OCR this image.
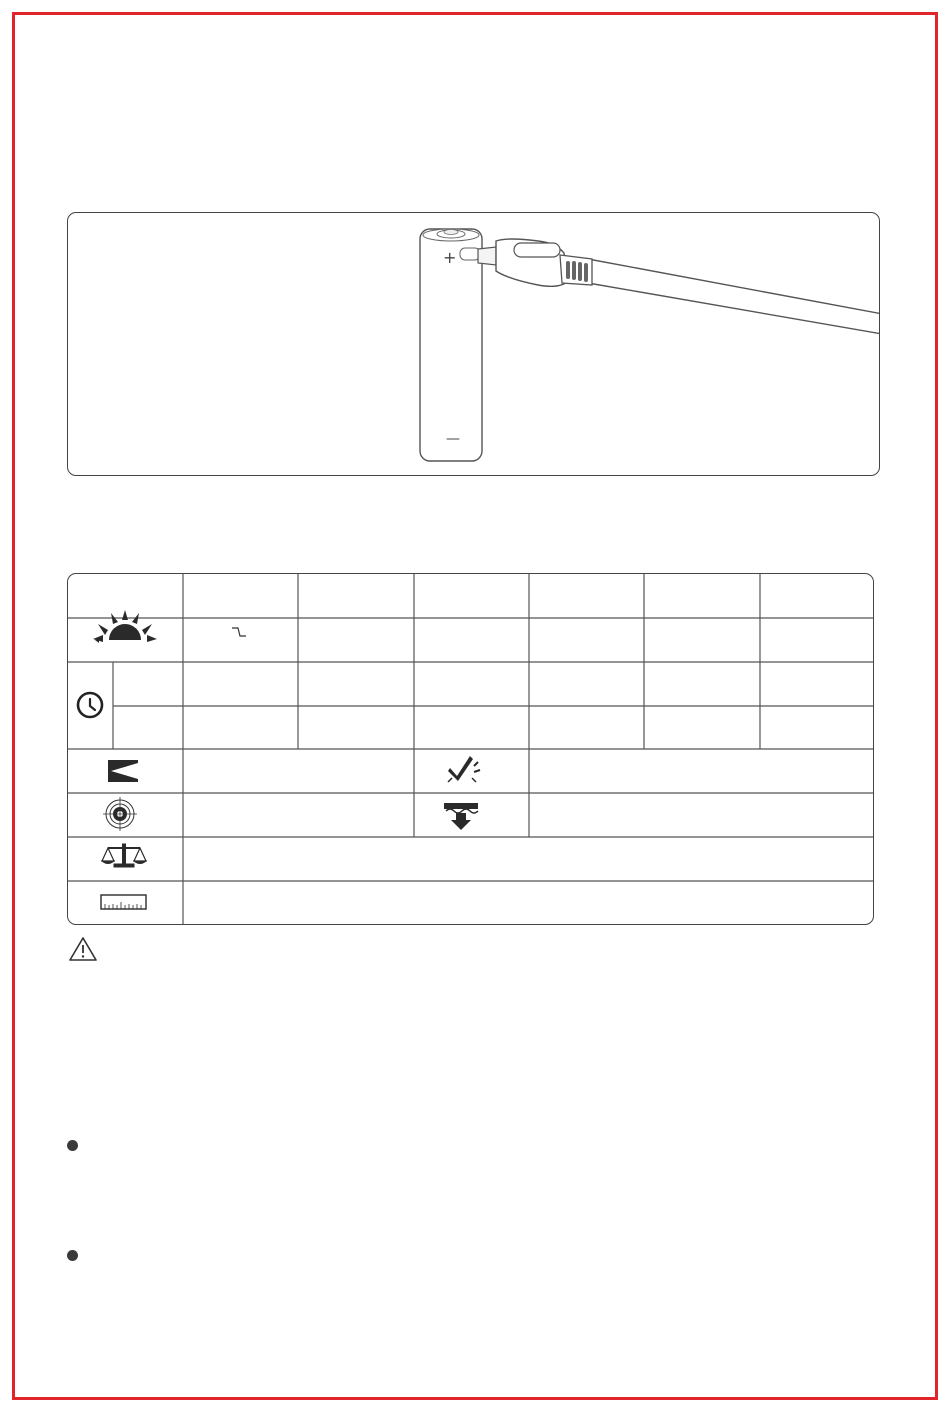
+
—
